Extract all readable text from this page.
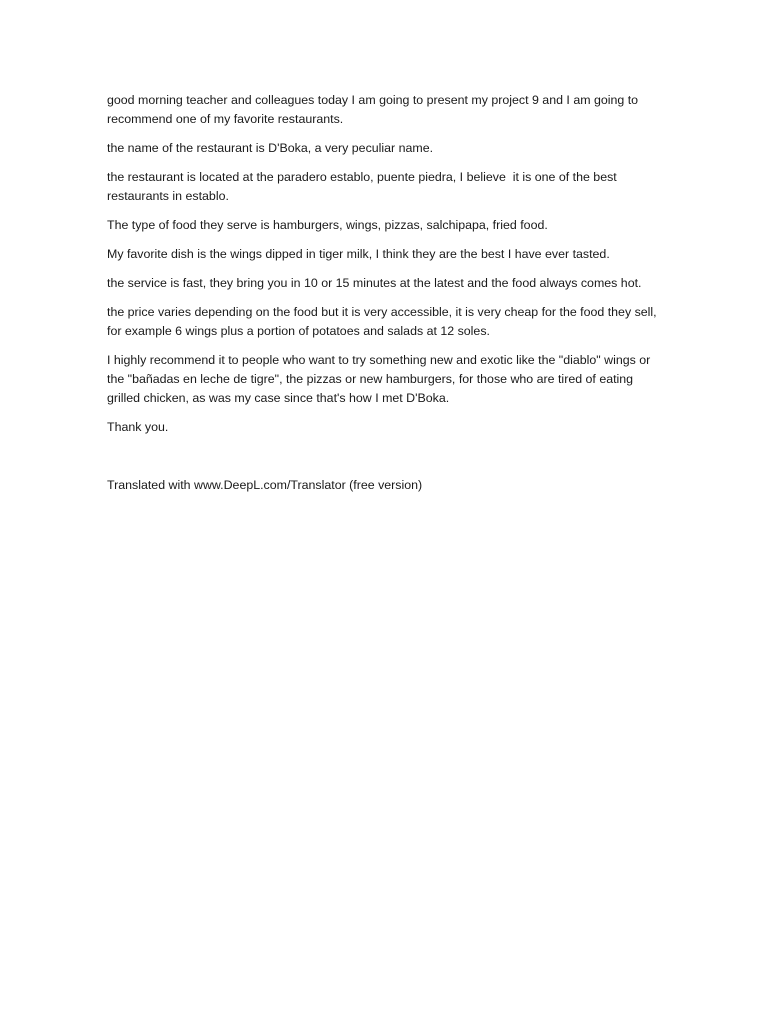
good morning teacher and colleagues today I am going to present my project 9 and I am going to recommend one of my favorite restaurants.

the name of the restaurant is D'Boka, a very peculiar name.

the restaurant is located at the paradero establo, puente piedra, I believe  it is one of the best restaurants in establo.

The type of food they serve is hamburgers, wings, pizzas, salchipapa, fried food.

My favorite dish is the wings dipped in tiger milk, I think they are the best I have ever tasted.

the service is fast, they bring you in 10 or 15 minutes at the latest and the food always comes hot.

the price varies depending on the food but it is very accessible, it is very cheap for the food they sell, for example 6 wings plus a portion of potatoes and salads at 12 soles.

I highly recommend it to people who want to try something new and exotic like the "diablo" wings or the "bañadas en leche de tigre", the pizzas or new hamburgers, for those who are tired of eating grilled chicken, as was my case since that's how I met D'Boka.

Thank you.

Translated with www.DeepL.com/Translator (free version)
